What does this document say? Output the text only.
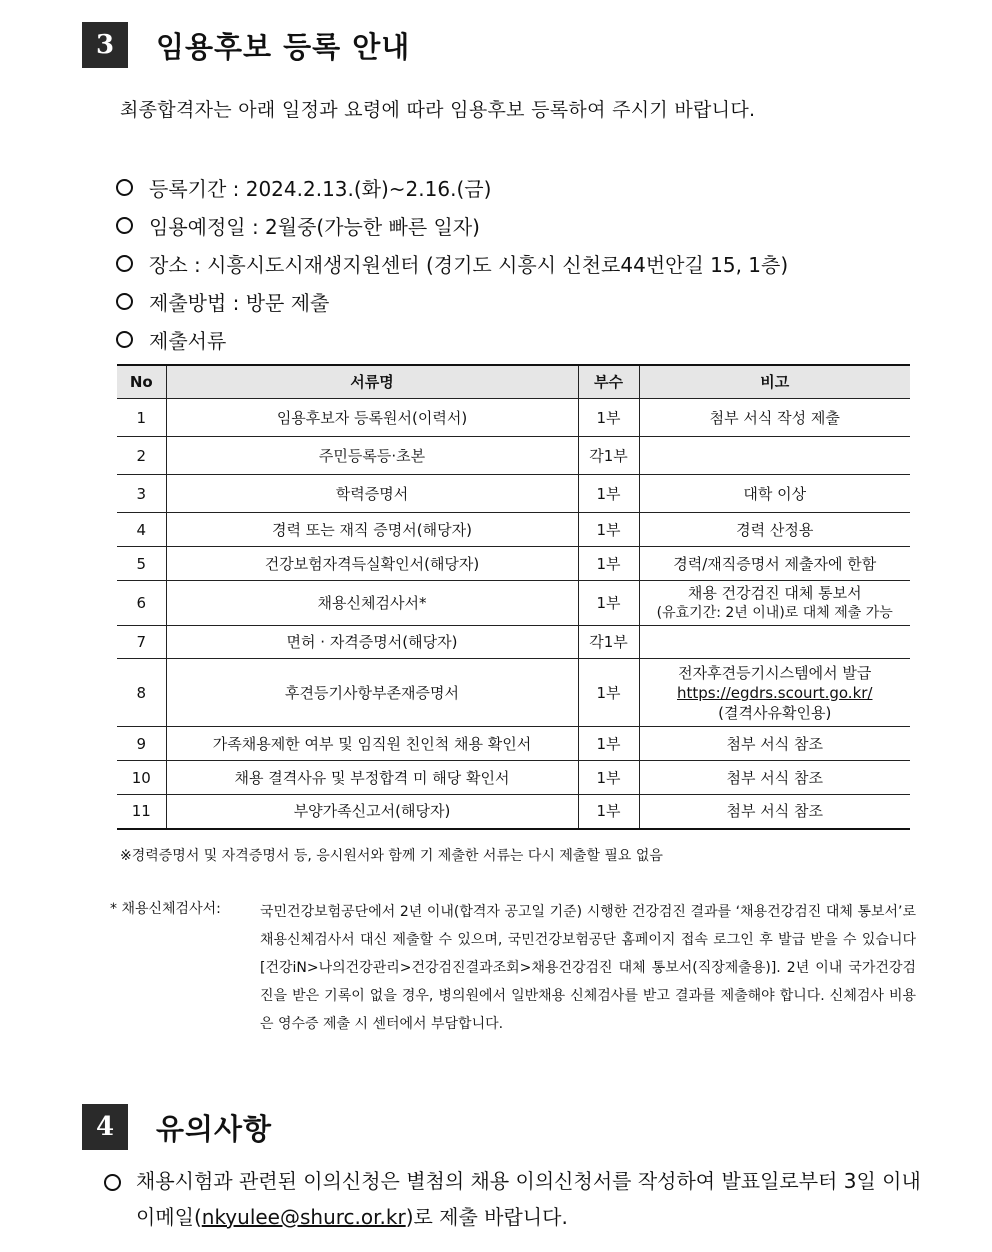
3	임용후보 등록 안내
최종합격자는 아래 일정과 요령에 따라 임용후보 등록하여 주시기 바랍니다.
등록기간 : 2024.2.13.(화)~2.16.(금)
임용예정일 : 2월중(가능한 빠른 일자)
장소 : 시흥시도시재생지원센터 (경기도 시흥시 신천로44번안길 15, 1층)
제출방법 : 방문 제출
제출서류
No	서류명	부수	비고
1	임용후보자 등록원서(이력서)	1부	첨부 서식 작성 제출
2	주민등록등·초본	각1부	
3	학력증명서	1부	대학 이상
4	경력 또는 재직 증명서(해당자)	1부	경력 산정용
5	건강보험자격득실확인서(해당자)	1부	경력/재직증명서 제출자에 한함
6	채용신체검사서*	1부	채용 건강검진 대체 통보서
(유효기간: 2년 이내)로 대체 제출 가능

7	면허 · 자격증명서(해당자)	각1부	
8	후견등기사항부존재증명서	1부	전자후견등기시스템에서 발급
https://egdrs.scourt.go.kr/
(결격사유확인용)

9	가족채용제한 여부 및 임직원 친인척 채용 확인서	1부	첨부 서식 참조
10	채용 결격사유 및 부정합격 미 해당 확인서	1부	첨부 서식 참조
11	부양가족신고서(해당자)	1부	첨부 서식 참조
※경력증명서 및 자격증명서 등, 응시원서와 함께 기 제출한 서류는 다시 제출할 필요 없음
* 채용신체검사서:	국민건강보험공단에서 2년 이내(합격자 공고일 기준) 시행한 건강검진 결과를 ‘채용건강검진 대체 통보서’로 채용신체검사서 대신 제출할 수 있으며, 국민건강보험공단 홈페이지 접속 로그인 후 발급 받을 수 있습니다 [건강iN>나의건강관리>건강검진결과조회>채용건강검진 대체 통보서(직장제출용)]. 2년 이내 국가건강검진을 받은 기록이 없을 경우, 병의원에서 일반채용 신체검사를 받고 결과를 제출해야 합니다. 신체검사 비용은 영수증 제출 시 센터에서 부담합니다.
4	유의사항
채용시험과 관련된 이의신청은 별첨의 채용 이의신청서를 작성하여 발표일로부터 3일 이내 이메일(nkyulee@shurc.or.kr)로 제출 바랍니다.
